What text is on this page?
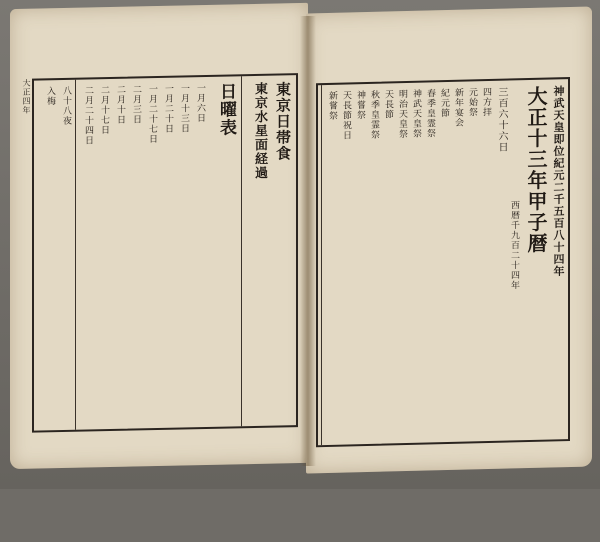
大正四年	東京日帯食
東京水星面経過
日曜表
一月六日
一月十三日
一月二十日
一月二十七日
二月三日
二月十日
二月十七日
二月二十四日
八十八夜
入梅	神武天皇即位紀元二千五百八十四年
大正十三年甲子暦
西暦千九百二十四年
三百六十六日
四方拝
元始祭
新年宴会
紀元節
春季皇霊祭
神武天皇祭
明治天皇祭
天長節
秋季皇霊祭
神嘗祭
天長節祝日
新嘗祭
